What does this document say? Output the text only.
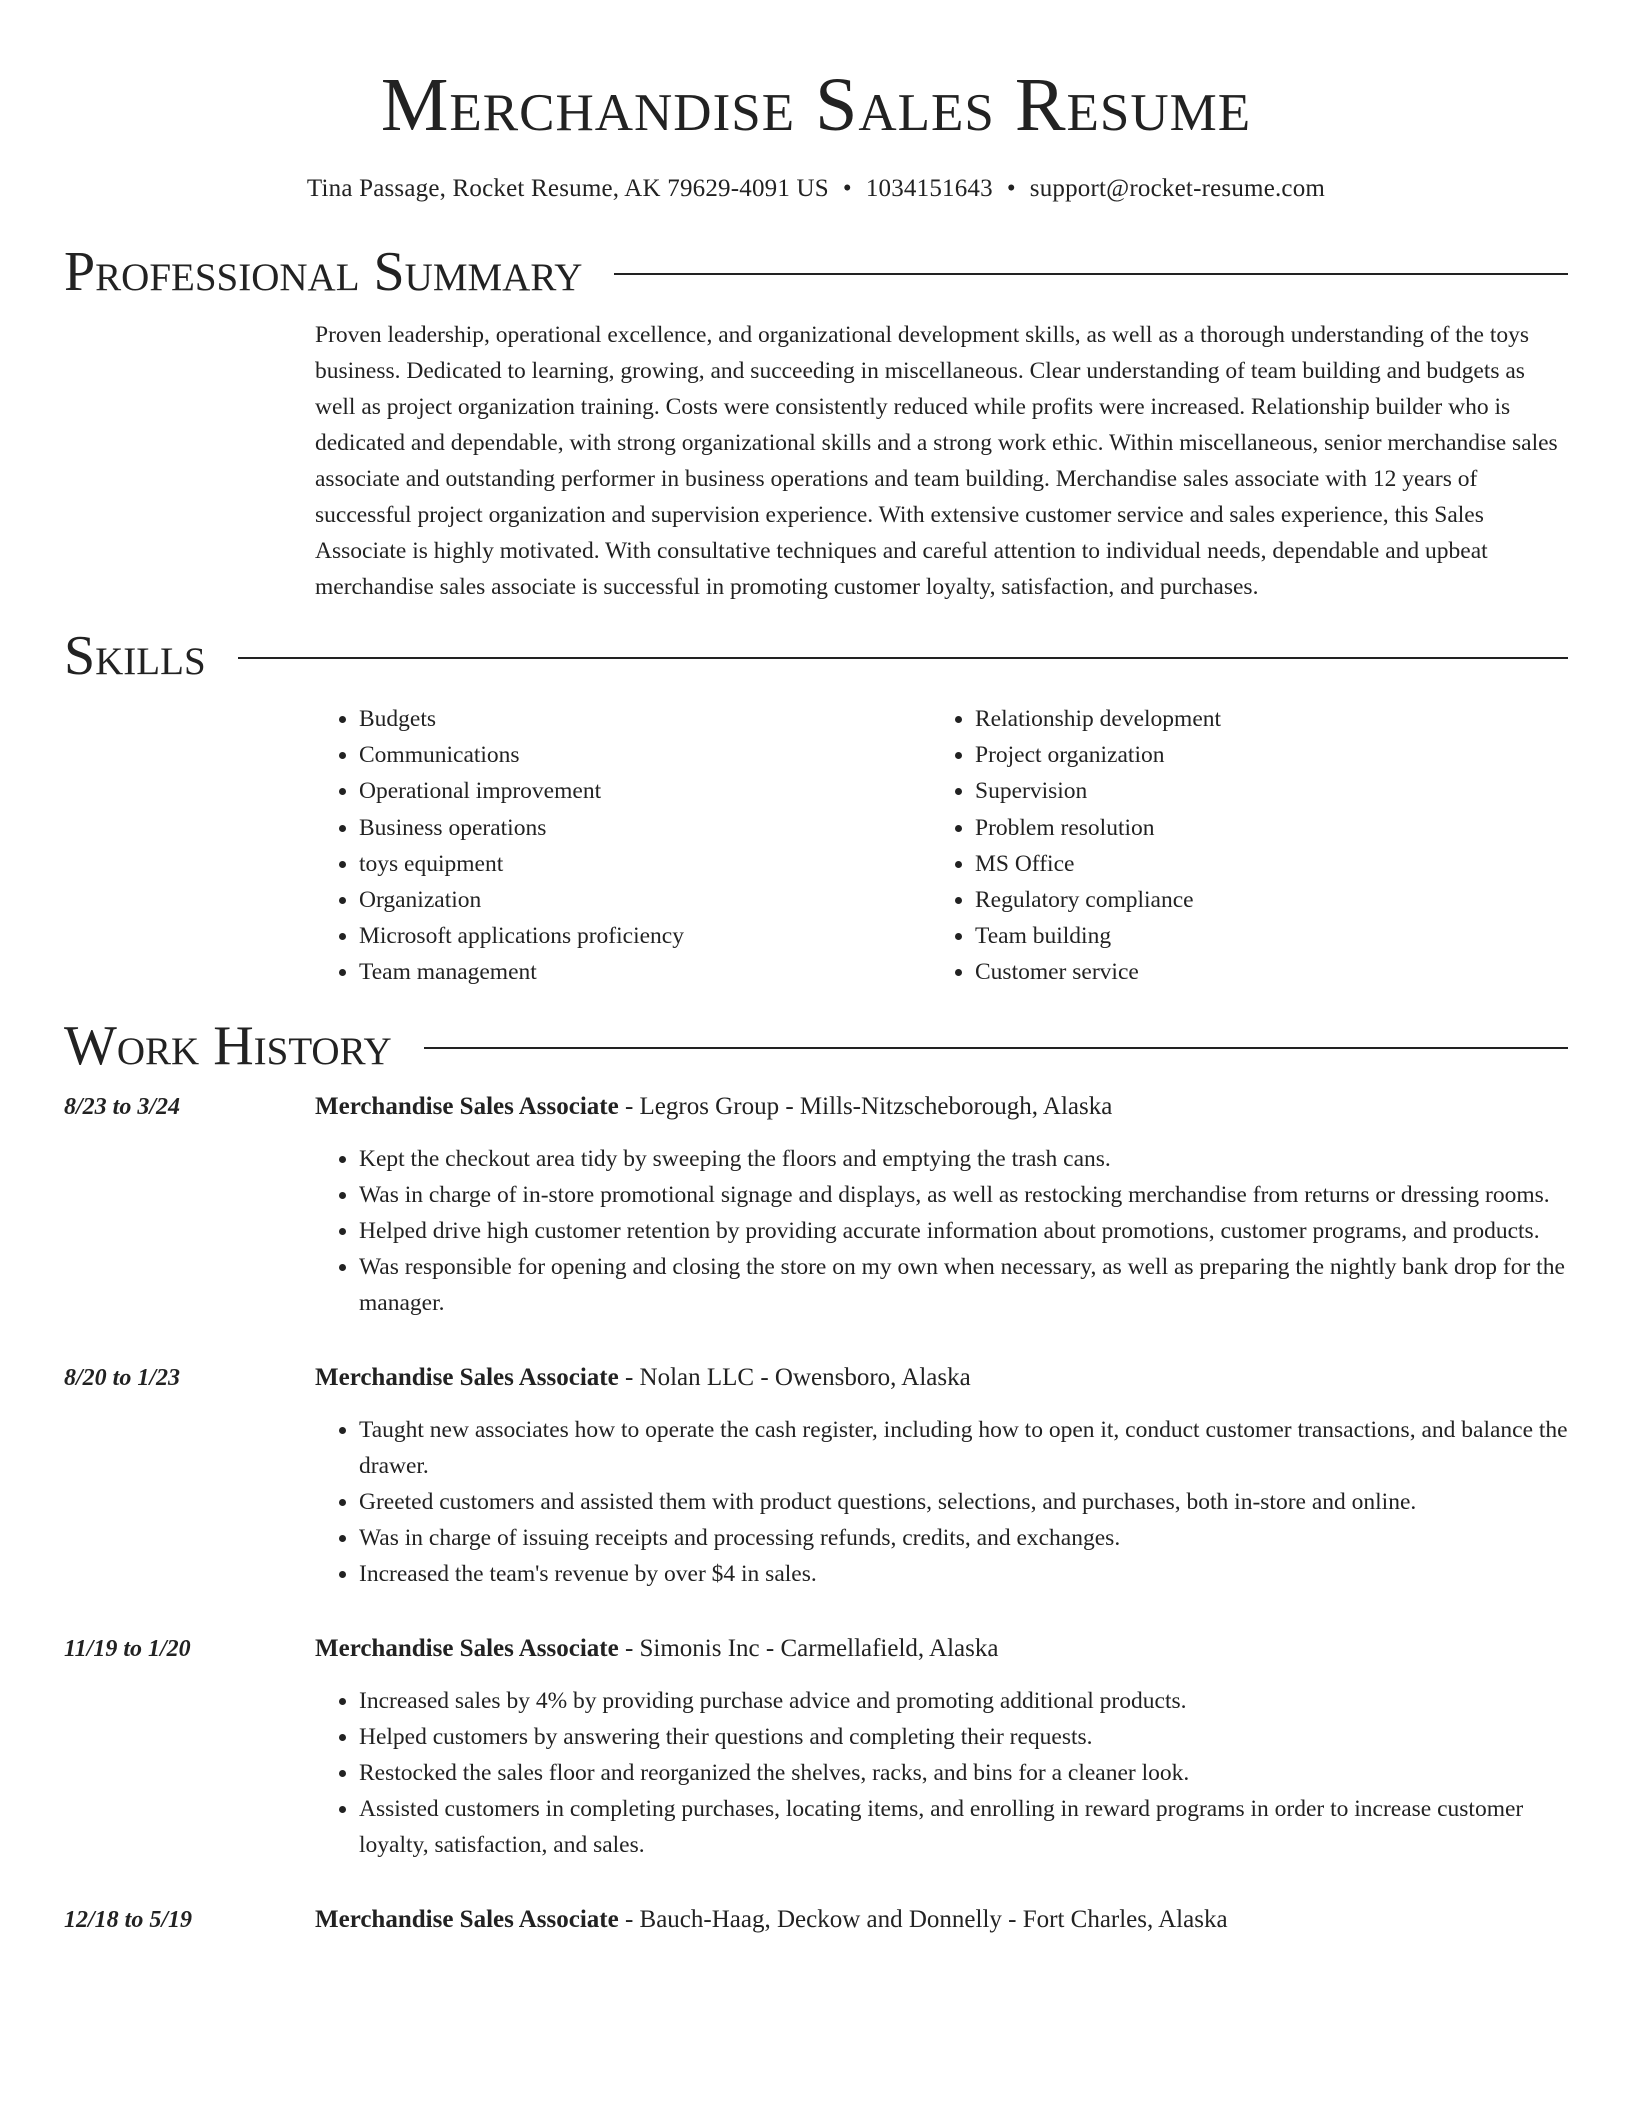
Merchandise Sales Resume
Tina Passage, Rocket Resume, AK 79629-4091 US • 1034151643 • support@rocket-resume.com
Professional Summary
Proven leadership, operational excellence, and organizational development skills, as well as a thorough understanding of the toys business. Dedicated to learning, growing, and succeeding in miscellaneous. Clear understanding of team building and budgets as well as project organization training. Costs were consistently reduced while profits were increased. Relationship builder who is dedicated and dependable, with strong organizational skills and a strong work ethic. Within miscellaneous, senior merchandise sales associate and outstanding performer in business operations and team building. Merchandise sales associate with 12 years of successful project organization and supervision experience. With extensive customer service and sales experience, this Sales Associate is highly motivated. With consultative techniques and careful attention to individual needs, dependable and upbeat merchandise sales associate is successful in promoting customer loyalty, satisfaction, and purchases.
Skills
• Budgets
• Communications
• Operational improvement
• Business operations
• toys equipment
• Organization
• Microsoft applications proficiency
• Team management
• Relationship development
• Project organization
• Supervision
• Problem resolution
• MS Office
• Regulatory compliance
• Team building
• Customer service
Work History
8/23 to 3/24	Merchandise Sales Associate - Legros Group - Mills-Nitzscheborough, Alaska
• Kept the checkout area tidy by sweeping the floors and emptying the trash cans.
• Was in charge of in-store promotional signage and displays, as well as restocking merchandise from returns or dressing rooms.
• Helped drive high customer retention by providing accurate information about promotions, customer programs, and products.
• Was responsible for opening and closing the store on my own when necessary, as well as preparing the nightly bank drop for the manager.
8/20 to 1/23	Merchandise Sales Associate - Nolan LLC - Owensboro, Alaska
• Taught new associates how to operate the cash register, including how to open it, conduct customer transactions, and balance the drawer.
• Greeted customers and assisted them with product questions, selections, and purchases, both in-store and online.
• Was in charge of issuing receipts and processing refunds, credits, and exchanges.
• Increased the team's revenue by over $4 in sales.
11/19 to 1/20	Merchandise Sales Associate - Simonis Inc - Carmellafield, Alaska
• Increased sales by 4% by providing purchase advice and promoting additional products.
• Helped customers by answering their questions and completing their requests.
• Restocked the sales floor and reorganized the shelves, racks, and bins for a cleaner look.
• Assisted customers in completing purchases, locating items, and enrolling in reward programs in order to increase customer loyalty, satisfaction, and sales.
12/18 to 5/19	Merchandise Sales Associate - Bauch-Haag, Deckow and Donnelly - Fort Charles, Alaska
